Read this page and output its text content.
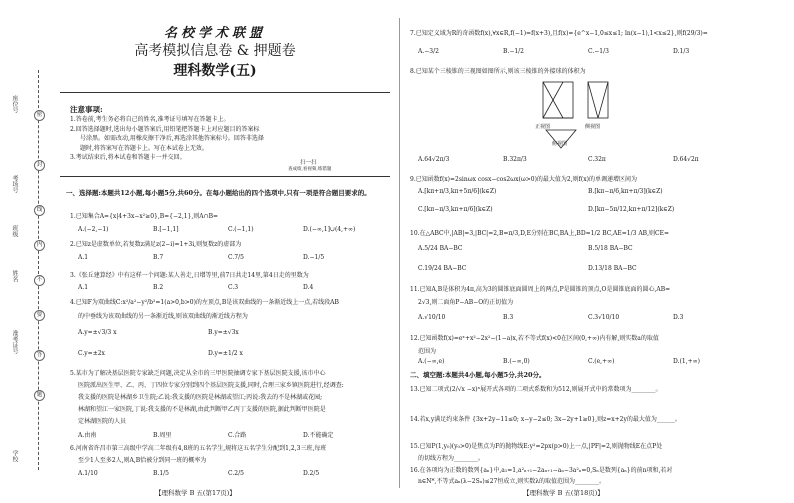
座位号
考场号
班级
姓名
准考证号
学校
密
封
线
内
不
要
答
题
名校学术联盟
高考模拟信息卷 & 押题卷
理科数学(五)
注意事项:
1.答卷前,考生务必将自己的姓名,准考证号填写在答题卡上。
2.回答选择题时,选出每小题答案后,用铅笔把答题卡上对应题目的答案标
号涂黑。如需改动,用橡皮擦干净后,再选涂其他答案标号。回答非选择
题时,将答案写在答题卡上。写在本试卷上无效。
3.考试结束后,将本试卷和答题卡一并交回。
扫一扫
查成绩,看视频,练错题
一、选择题:本题共12小题,每小题5分,共60分。在每小题给出的四个选项中,只有一项是符合题目要求的。
1.已知集合A={x|4+3x−x²≥0},B={−2,1},则A∩B=
A.(−2,−1)	B.[−1,1]	C.(−1,1)	D.(−∞,1]∪(4,+∞)
2.已知z是虚数单位,若复数z满足z(2−i)=1+3i,则复数z的虚部为
A.1	B.7	C.7/5	D.−1/5
3.《张丘建算经》中有这样一个问题:某人善走,日增等里,前7日共走14里,第4日走的里数为
A.1	B.2	C.3	D.4
4.已知F为双曲线C:x²/a²−y²/b²=1(a>0,b>0)的左顶点,B是该双曲线的一条渐近线上一点,若线段AB
的中垂线为该双曲线的另一条渐近线,则该双曲线的渐近线方程为
A.y=±√3/3 x	B.y=±√3x
C.y=±2x	D.y=±1/2 x
5.某市为了解决基层医院专家缺乏问题,决定从全市的三甲医院抽调专家下基层医院支援,该市中心
医院派出医生甲、乙、丙、丁四位专家分别到四个基层医院支援,同时,合理三家乡镇医院进行,经调查:
我支援的医院是林湖乡卫生院;乙说:我支援的医院是林湖或望江;丙说:我去的不是林湖或花园;
林湖和望江一家医院,丁说:我支援的不是林湖,由此判断甲乙丙丁支援的医院,据此判断甲医院是
定林湖医院的人员
A.由南	B.周里	C.合路	D.不能确定
6.河南省许昌市第三高级中学高二年级有4,8班的五名学生,规将这五名学生分配到1,2,3三班,每班
至少1人至多2人,则A,B恰被分到同一班的概率为
A.1/10	B.1/5	C.2/5	D.2/5
【理科数学 B 五(第17页)】
7.已知定义域为R的奇函数f(x),∀x∈R,f(−1)=f(x+3),且f(x)={e^x−1,0≤x≤1; ln(x−1),1<x≤2},则f(29/3)=
A.−3/2	B.−1/2	C.−1/3	D.1/3
8.已知某个三棱锥的三视图如图所示,则该三棱锥的外接球的体积为
正视图	侧视图
俯视图
A.64√2π/3	B.32π/3	C.32π	D.64√2π
9.已知函数f(x)=2sinωx cosx−cos2ωx(ω>0)的最大值为2,则f(x)的单调递增区间为
A.[kπ+π/3,kπ+5π/6](k∈Z)	B.[kπ−π/6,kπ+π/3](k∈Z)
C.[kπ−π/3,kπ+π/6](k∈Z)	D.[kπ−5π/12,kπ+π/12](k∈Z)
10.在△ABC中,|AB|=3,|BC|=2,B=π/3,D,E分别在BC,BA上,BD=1/2 BC,AE=1/3 AB,则CE=
A.5/24 BA−BC	B.5/18 BA−BC
C.19/24 BA−BC	D.13/18 BA−BC
11.已知A,B是体积为4π,高为3的圆锥底面圆周上的两点,P是圆锥的顶点,O是圆锥底面的圆心,AB=
2√3,则二面角P−AB−O的正切值为
A.√10/10	B.3	C.3√10/10	D.3
12.已知函数f(x)=eˣ+x²−2x²−(1−a)x,若不等式f(x)<0在区间(0,+∞)内有解,则实数a的取值
范围为
A.(−∞,e)	B.(−∞,0)	C.(e,+∞)	D.(1,+∞)
二、填空题:本题共4小题,每小题5分,共20分。
13.已知二项式(2/√x −x)ⁿ展开式各项的二项式系数和为512,则展开式中的常数项为________。
14.若x,y满足约束条件 {3x+2y−11≤0; x−y−2≤0; 3x−2y+1≥0},则z=x+2y的最大值为______。
15.已知P(1,y₀)(y₀>0)是焦点为F的抛物线E:y²=2px(p>0)上一点,|PF|=2,则抛物线E在点P处
的切线方程为________。
16.在各项均为正数的数列{aₙ}中,a₁=1,a²ₙ₊₁−2aₙ₊₁−aₙ−3a²ₙ=0,Sₙ是数列{aₙ}的前n项和,若对
n∈N*,不等式aₙ(λ−2Sₙ)≤27恒成立,则实数λ的取值范围为________。
【理科数学 B 五(第18页)】
